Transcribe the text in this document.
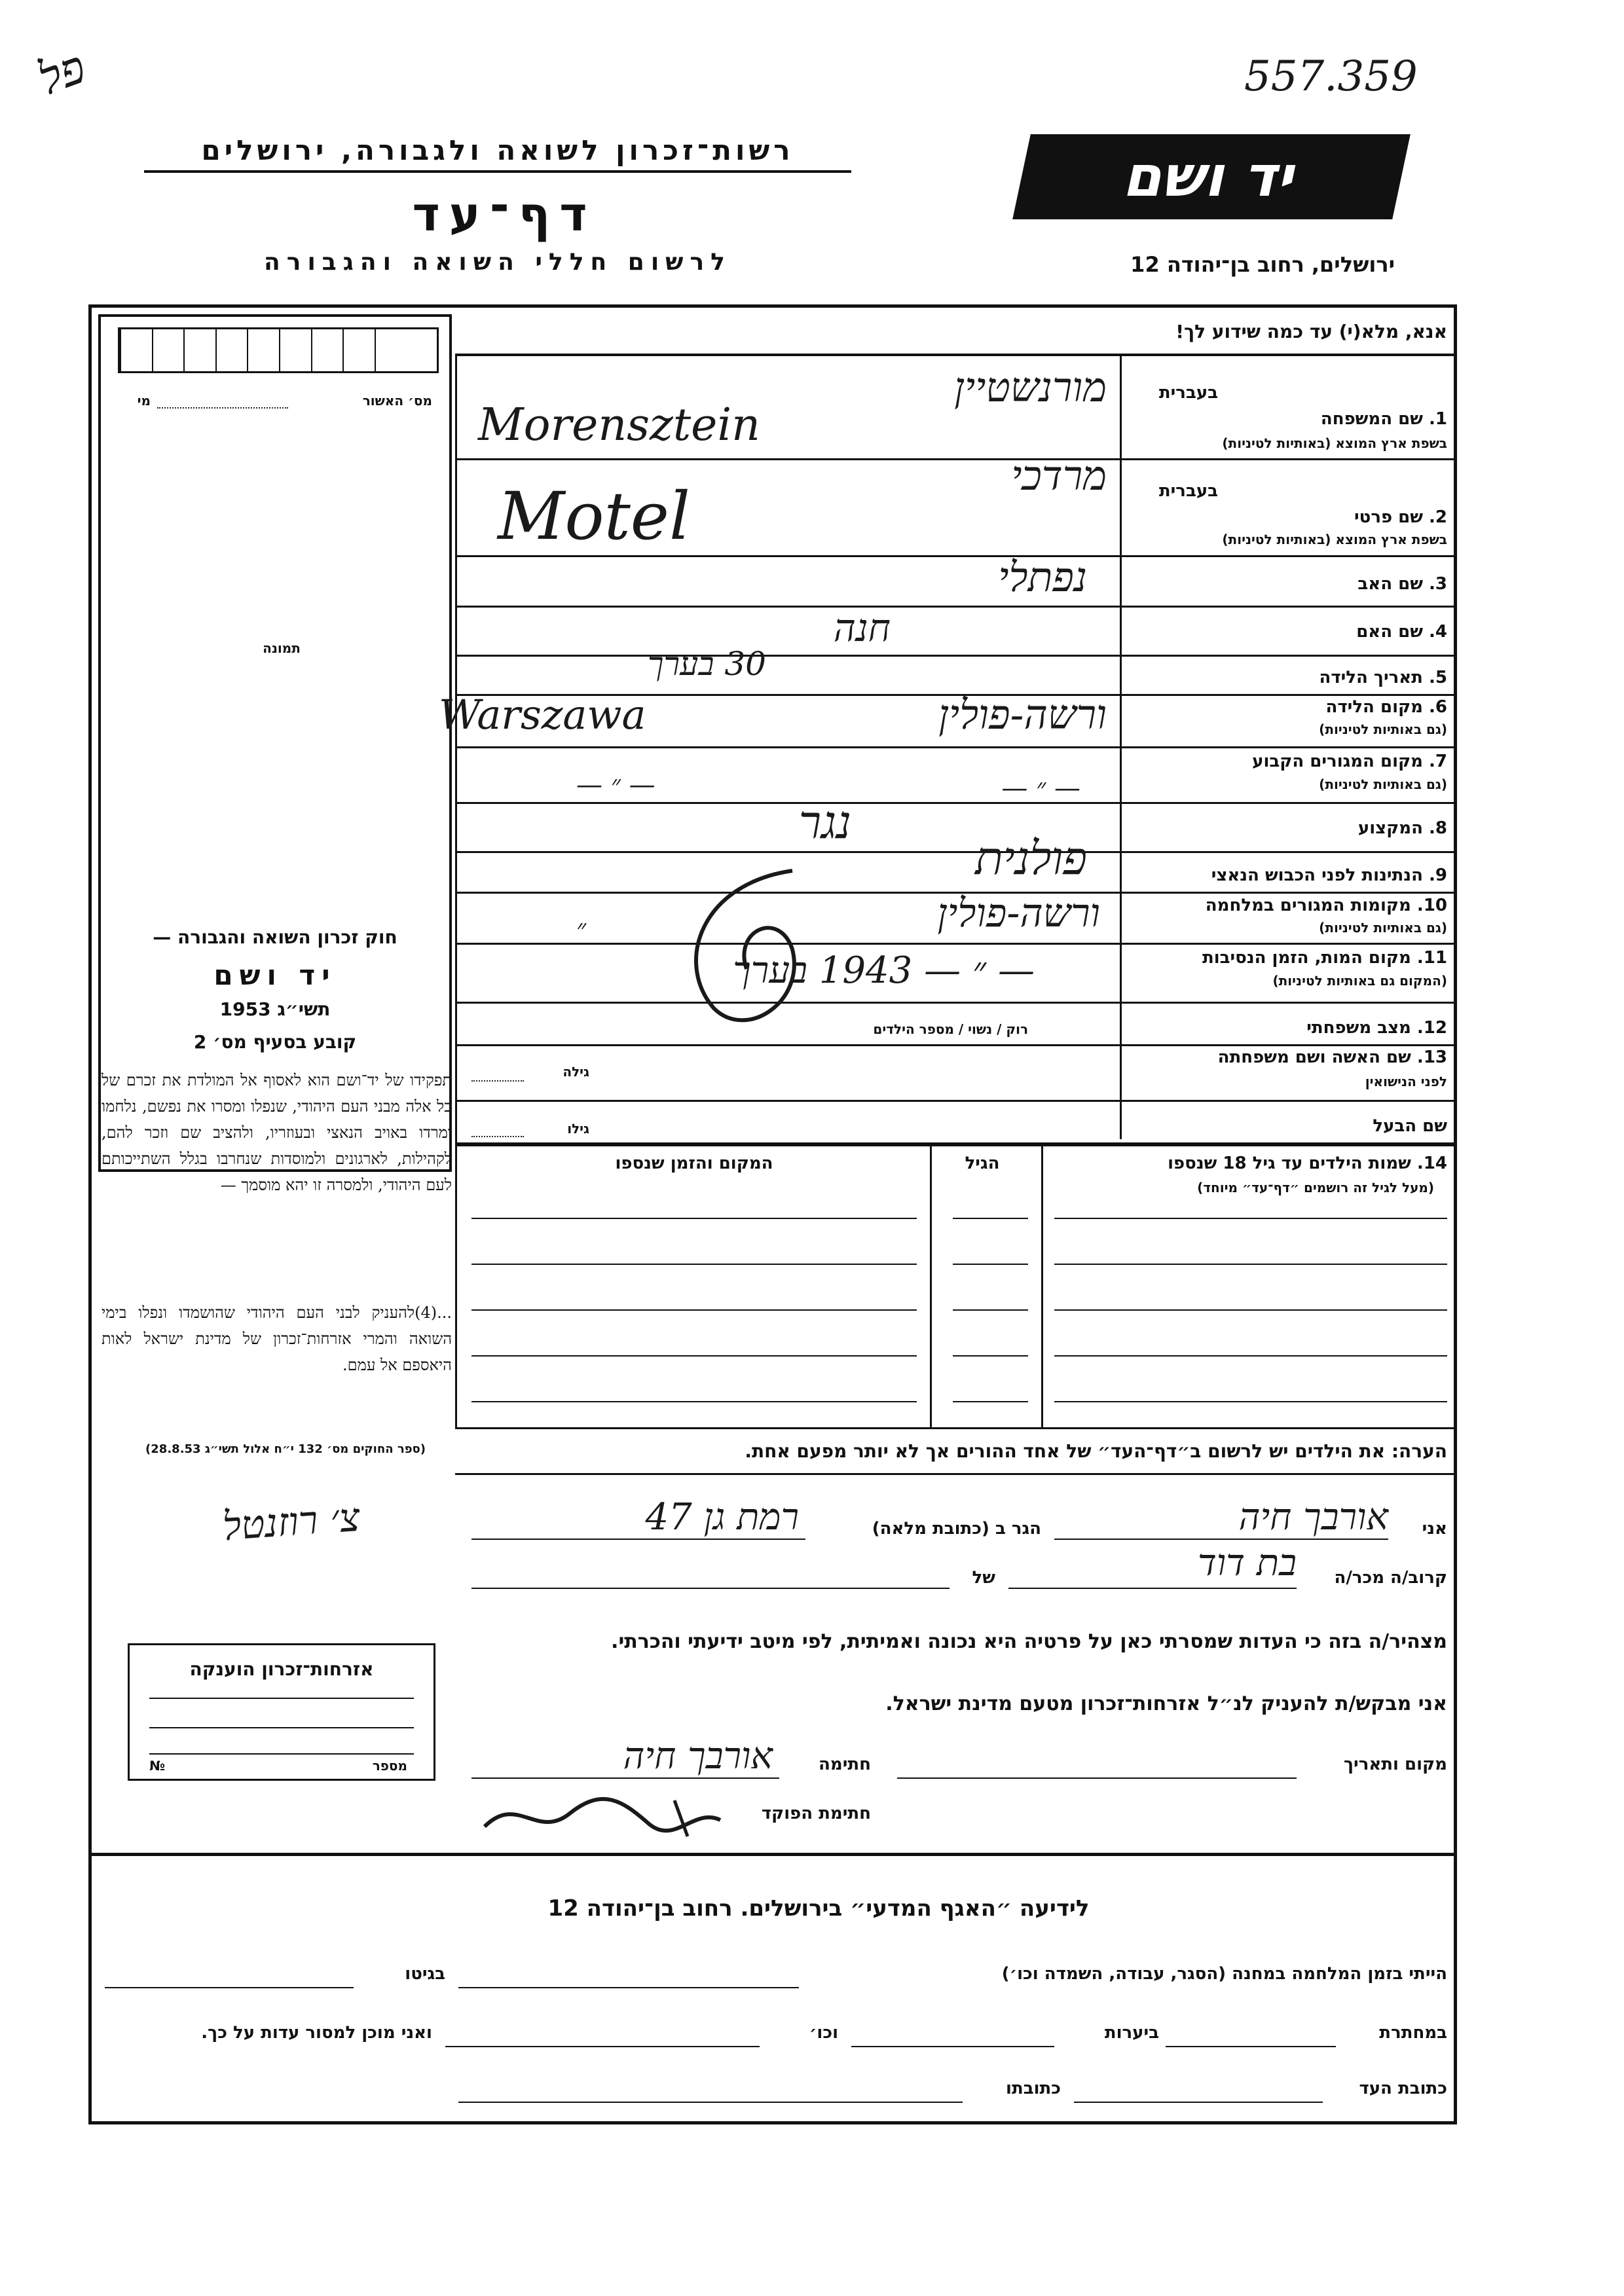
פל	557.359
רשות־זכרון לשואה ולגבורה, ירושלים
דף־עד
לרשום חללי השואה והגבורה
יד ושם
ירושלים, רחוב בן־יהודה 12
מס׳ האשור
מי
תמונה
חוק זכרון השואה והגבורה —
יד ושם
תשי״ג 1953
קובע בסעיף מס׳ 2
תפקידו של יד־ושם הוא לאסוף אל המולדת את זכרם של כל אלה מבני העם היהודי, שנפלו ומסרו את נפשם, נלחמו ומרדו באויב הנאצי ובעוזריו, ולהציב שם וזכר להם, לקהילות, לארגונים ולמוסדות שנחרבו בגלל השתייכותם לעם היהודי, ולמסרה זו יהא מוסמך —
...(4)להעניק לבני העם היהודי שהושמדו ונפלו בימי השואה והמרי אזרחות־זכרון של מדינת ישראל לאות היאספם אל עמם.
(ספר החוקים מס׳ 132 י״ח אלול תשי״ג 28.8.53)
צ׳ רוזנטל
אזרחות־זכרון הוענקה
מספר
№
אנא, מלא(י) עד כמה שידוע לך!
בעברית
1. שם המשפחה
בשפת ארץ המוצא (באותיות לטיניות)
בעברית
2. שם פרטי
בשפת ארץ המוצא (באותיות לטיניות)
3. שם האב
4. שם האם
5. תאריך הלידה
6. מקום הלידה
(גם באותיות לטיניות)
7. מקום המגורים הקבוע
(גם באותיות לטיניות)
8. המקצוע
9. הנתינות לפני הכבוש הנאצי
10. מקומות המגורים במלחמה
(גם באותיות לטיניות)
11. מקום המות, הזמן הנסיבות
(המקום גם באותיות לטיניות)
12. מצב משפחתי
רוק / נשוי / מספר הילדים
13. שם האשה ושם משפחתה
לפני הנישואין
גילה
שם הבעל
גילו
מורנשטיין
Morensztein
מרדכי
Motel
נפתלי
חנה
30 בערך
ורשה-פולין
Warszawa
— ״ —
— ״ —
נגר
פולנית
ורשה-פולין
״
— ״ — 1943 בערך
14. שמות הילדים עד גיל 18 שנספו
(מעל לגיל זה רושמים ״דף־עד״ מיוחד)
הגיל
המקום והזמן שנספו
הערה: את הילדים יש לרשום ב״דף־העד״ של אחד ההורים אך לא יותר מפעם אחת.
אני
אורבך חיה
הגר ב (כתובת מלאה)
רמת גן 47
קרוב/ה מכר/ה
בת דוד
של
מצהיר/ה בזה כי העדות שמסרתי כאן על פרטיה היא נכונה ואמיתית, לפי מיטב ידיעתי והכרתי.
אני מבקש/ת להעניק לנ״ל אזרחות־זכרון מטעם מדינת ישראל.
מקום ותאריך
חתימה
אורבך חיה
חתימת הפוקד
לידיעה ״האגף המדעי״ בירושלים. רחוב בן־יהודה 12
הייתי בזמן המלחמה במחנה (הסגר, עבודה, השמדה וכו׳)
בגיטו
במחתרת
ביערות
וכו׳
ואני מוכן למסור עדות על כך.
כתובת העד
כתובתו
